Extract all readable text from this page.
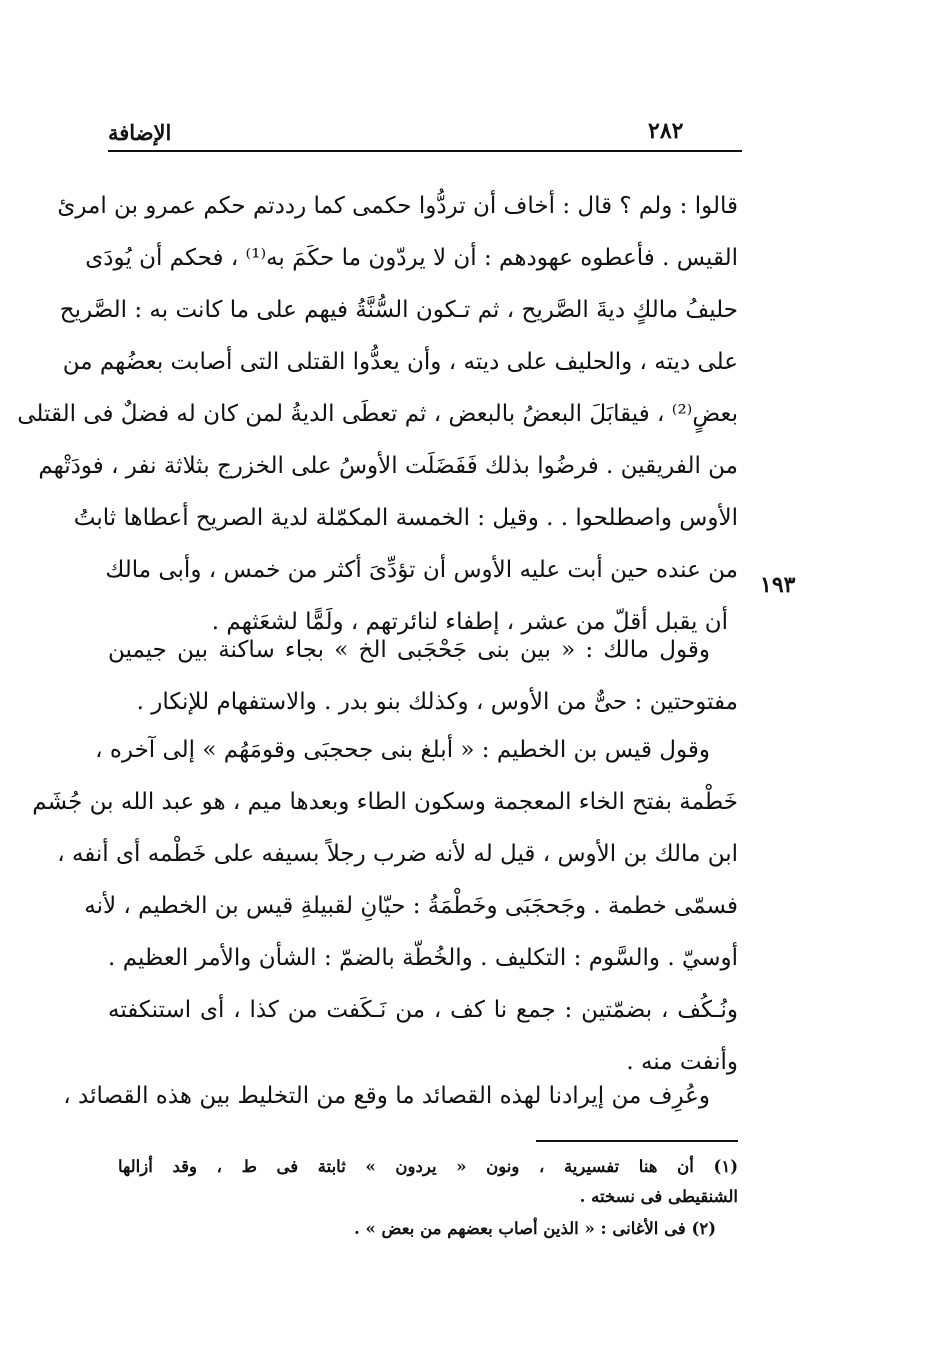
الإضافة	٢٨٢
١٩٣
قالوا : ولم ؟ قال : أخاف أن تردُّوا حكمى كما رددتم حكم عمرو بن امرئ
القيس . فأعطوه عهودهم : أن لا يردّون ما حكَمَ به⁽¹⁾ ، فحكم أن يُودَى
حليفُ مالكٍ ديةَ الصَّريح ، ثم تـكون السُّنَّةُ فيهم على ما كانت به : الصَّريح
على ديته ، والحليف على ديته ، وأن يعدُّوا القتلى التى أصابت بعضُهم من
بعضٍ⁽²⁾ ، فيقابَلَ البعضُ بالبعض ، ثم تعطَى الديةُ لمن كان له فضلٌ فى القتلى
من الفريقين . فرضُوا بذلك فَفَضَلَت الأوسُ على الخزرج بثلاثة نفر ، فودَتْهم
الأوس واصطلحوا . . وقيل : الخمسة المكمّلة لدية الصريح أعطاها ثابتُ
من عنده حين أبت عليه الأوس أن تؤدِّىَ أكثر من خمس ، وأبى مالك
أن يقبل أقلّ من عشر ، إطفاء لنائرتهم ، ولَمًّا لشعَثهم .
وقول مالك : « بين بنى جَحْجَبى الخ » بجاء ساكنة بين جيمين
مفتوحتين : حىٌّ من الأوس ، وكذلك بنو بدر . والاستفهام للإنكار .
وقول قيس بن الخطيم : « أبلغ بنى جحجبَى وقومَهُم » إلى آخره ،
خَطْمة بفتح الخاء المعجمة وسكون الطاء وبعدها ميم ، هو عبد الله بن جُشَم
ابن مالك بن الأوس ، قيل له لأنه ضرب رجلاً بسيفه على خَطْمه أى أنفه ،
فسمّى خطمة . وجَحجَبَى وخَطْمَةُ : حيّانِ لقبيلةِ قيس بن الخطيم ، لأنه
أوسيّ . والسَّوم : التكليف . والخُطّة بالضمّ : الشأن والأمر العظيم .
ونُـكُف ، بضمّتين : جمع نا كف ، من نَـكَفت من كذا ، أى استنكفته
وأنفت منه .
وعُرِف من إيرادنا لهذه القصائد ما وقع من التخليط بين هذه القصائد ،
(١) أن هنا تفسيرية ، ونون « يردون » ثابتة فى ط ، وقد أزالها
الشنقيطى فى نسخته .
(٢) فى الأغانى : « الذين أصاب بعضهم من بعض » .
